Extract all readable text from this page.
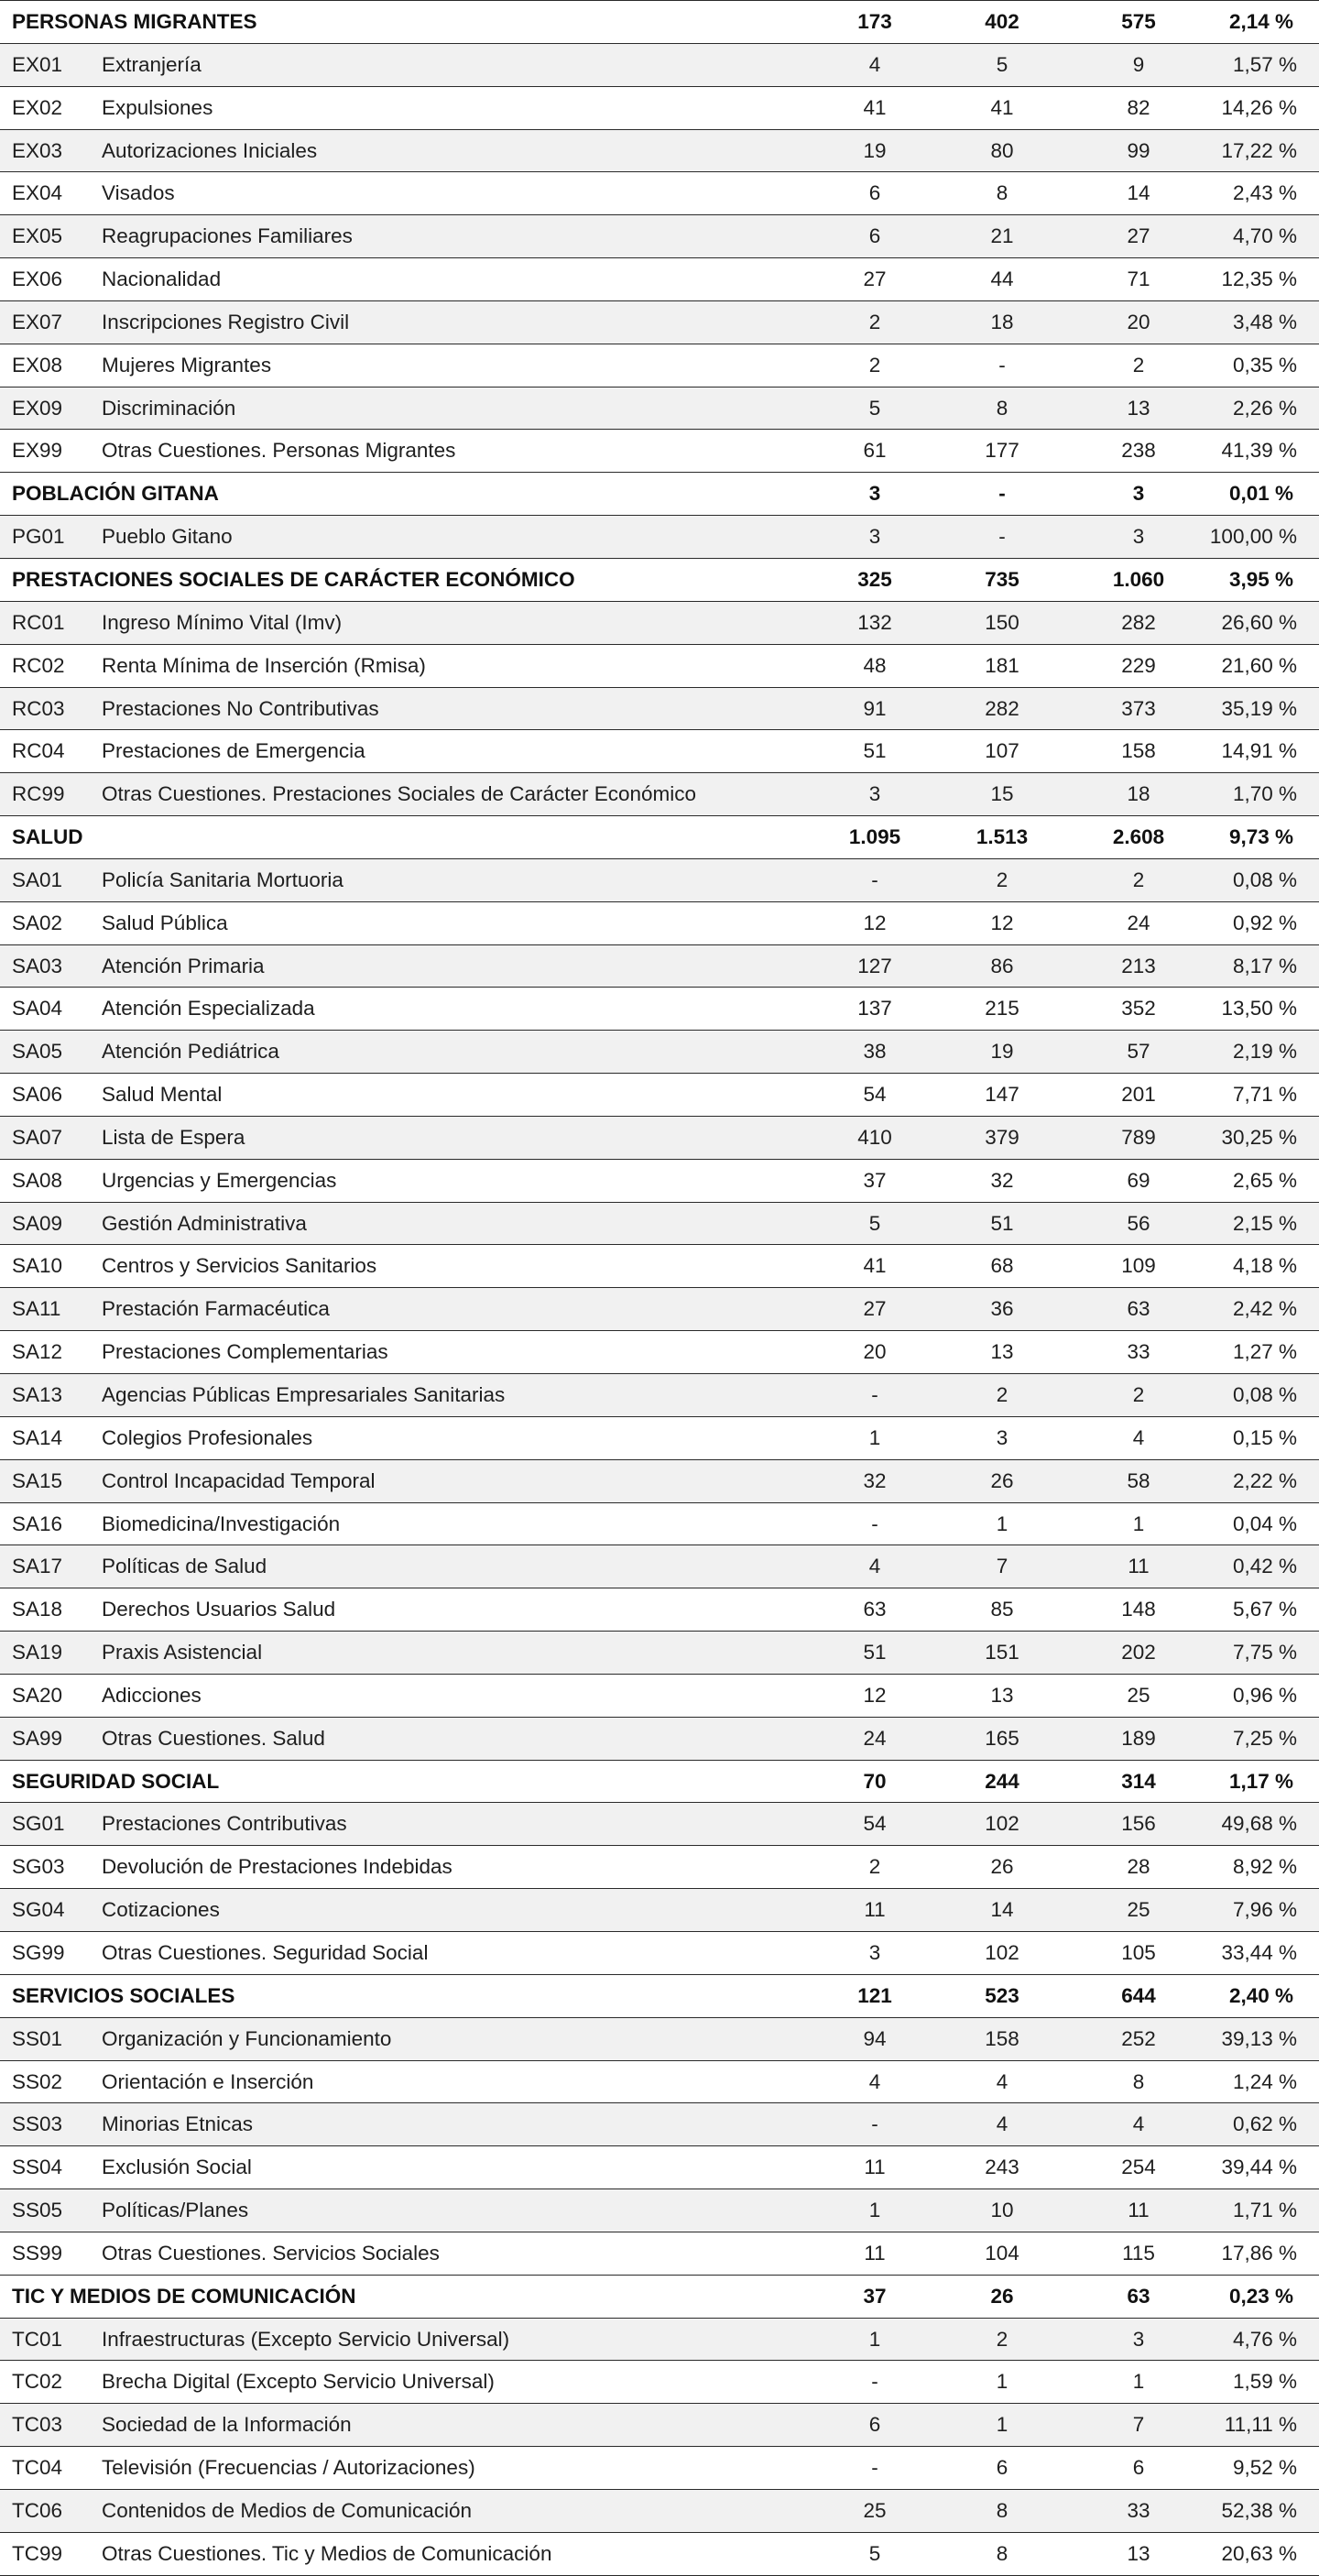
PERSONAS MIGRANTES	173	402	575	2,14 %
EX01 Extranjería	4	5	9	1,57 %
EX02 Expulsiones	41	41	82	14,26 %
EX03 Autorizaciones Iniciales	19	80	99	17,22 %
EX04 Visados	6	8	14	2,43 %
EX05 Reagrupaciones Familiares	6	21	27	4,70 %
EX06 Nacionalidad	27	44	71	12,35 %
EX07 Inscripciones Registro Civil	2	18	20	3,48 %
EX08 Mujeres Migrantes	2	-	2	0,35 %
EX09 Discriminación	5	8	13	2,26 %
EX99 Otras Cuestiones. Personas Migrantes	61	177	238	41,39 %
POBLACIÓN GITANA	3	-	3	0,01 %
PG01 Pueblo Gitano	3	-	3	100,00 %
PRESTACIONES SOCIALES DE CARÁCTER ECONÓMICO	325	735	1.060	3,95 %
RC01 Ingreso Mínimo Vital (Imv)	132	150	282	26,60 %
RC02 Renta Mínima de Inserción (Rmisa)	48	181	229	21,60 %
RC03 Prestaciones No Contributivas	91	282	373	35,19 %
RC04 Prestaciones de Emergencia	51	107	158	14,91 %
RC99 Otras Cuestiones. Prestaciones Sociales de Carácter Económico	3	15	18	1,70 %
SALUD	1.095	1.513	2.608	9,73 %
SA01 Policía Sanitaria Mortuoria	-	2	2	0,08 %
SA02 Salud Pública	12	12	24	0,92 %
SA03 Atención Primaria	127	86	213	8,17 %
SA04 Atención Especializada	137	215	352	13,50 %
SA05 Atención Pediátrica	38	19	57	2,19 %
SA06 Salud Mental	54	147	201	7,71 %
SA07 Lista de Espera	410	379	789	30,25 %
SA08 Urgencias y Emergencias	37	32	69	2,65 %
SA09 Gestión Administrativa	5	51	56	2,15 %
SA10 Centros y Servicios Sanitarios	41	68	109	4,18 %
SA11 Prestación Farmacéutica	27	36	63	2,42 %
SA12 Prestaciones Complementarias	20	13	33	1,27 %
SA13 Agencias Públicas Empresariales Sanitarias	-	2	2	0,08 %
SA14 Colegios Profesionales	1	3	4	0,15 %
SA15 Control Incapacidad Temporal	32	26	58	2,22 %
SA16 Biomedicina/Investigación	-	1	1	0,04 %
SA17 Políticas de Salud	4	7	11	0,42 %
SA18 Derechos Usuarios Salud	63	85	148	5,67 %
SA19 Praxis Asistencial	51	151	202	7,75 %
SA20 Adicciones	12	13	25	0,96 %
SA99 Otras Cuestiones. Salud	24	165	189	7,25 %
SEGURIDAD SOCIAL	70	244	314	1,17 %
SG01 Prestaciones Contributivas	54	102	156	49,68 %
SG03 Devolución de Prestaciones Indebidas	2	26	28	8,92 %
SG04 Cotizaciones	11	14	25	7,96 %
SG99 Otras Cuestiones. Seguridad Social	3	102	105	33,44 %
SERVICIOS SOCIALES	121	523	644	2,40 %
SS01 Organización y Funcionamiento	94	158	252	39,13 %
SS02 Orientación e Inserción	4	4	8	1,24 %
SS03 Minorias Etnicas	-	4	4	0,62 %
SS04 Exclusión Social	11	243	254	39,44 %
SS05 Políticas/Planes	1	10	11	1,71 %
SS99 Otras Cuestiones. Servicios Sociales	11	104	115	17,86 %
TIC Y MEDIOS DE COMUNICACIÓN	37	26	63	0,23 %
TC01 Infraestructuras (Excepto Servicio Universal)	1	2	3	4,76 %
TC02 Brecha Digital (Excepto Servicio Universal)	-	1	1	1,59 %
TC03 Sociedad de la Información	6	1	7	11,11 %
TC04 Televisión (Frecuencias / Autorizaciones)	-	6	6	9,52 %
TC06 Contenidos de Medios de Comunicación	25	8	33	52,38 %
TC99 Otras Cuestiones. Tic y Medios de Comunicación	5	8	13	20,63 %
